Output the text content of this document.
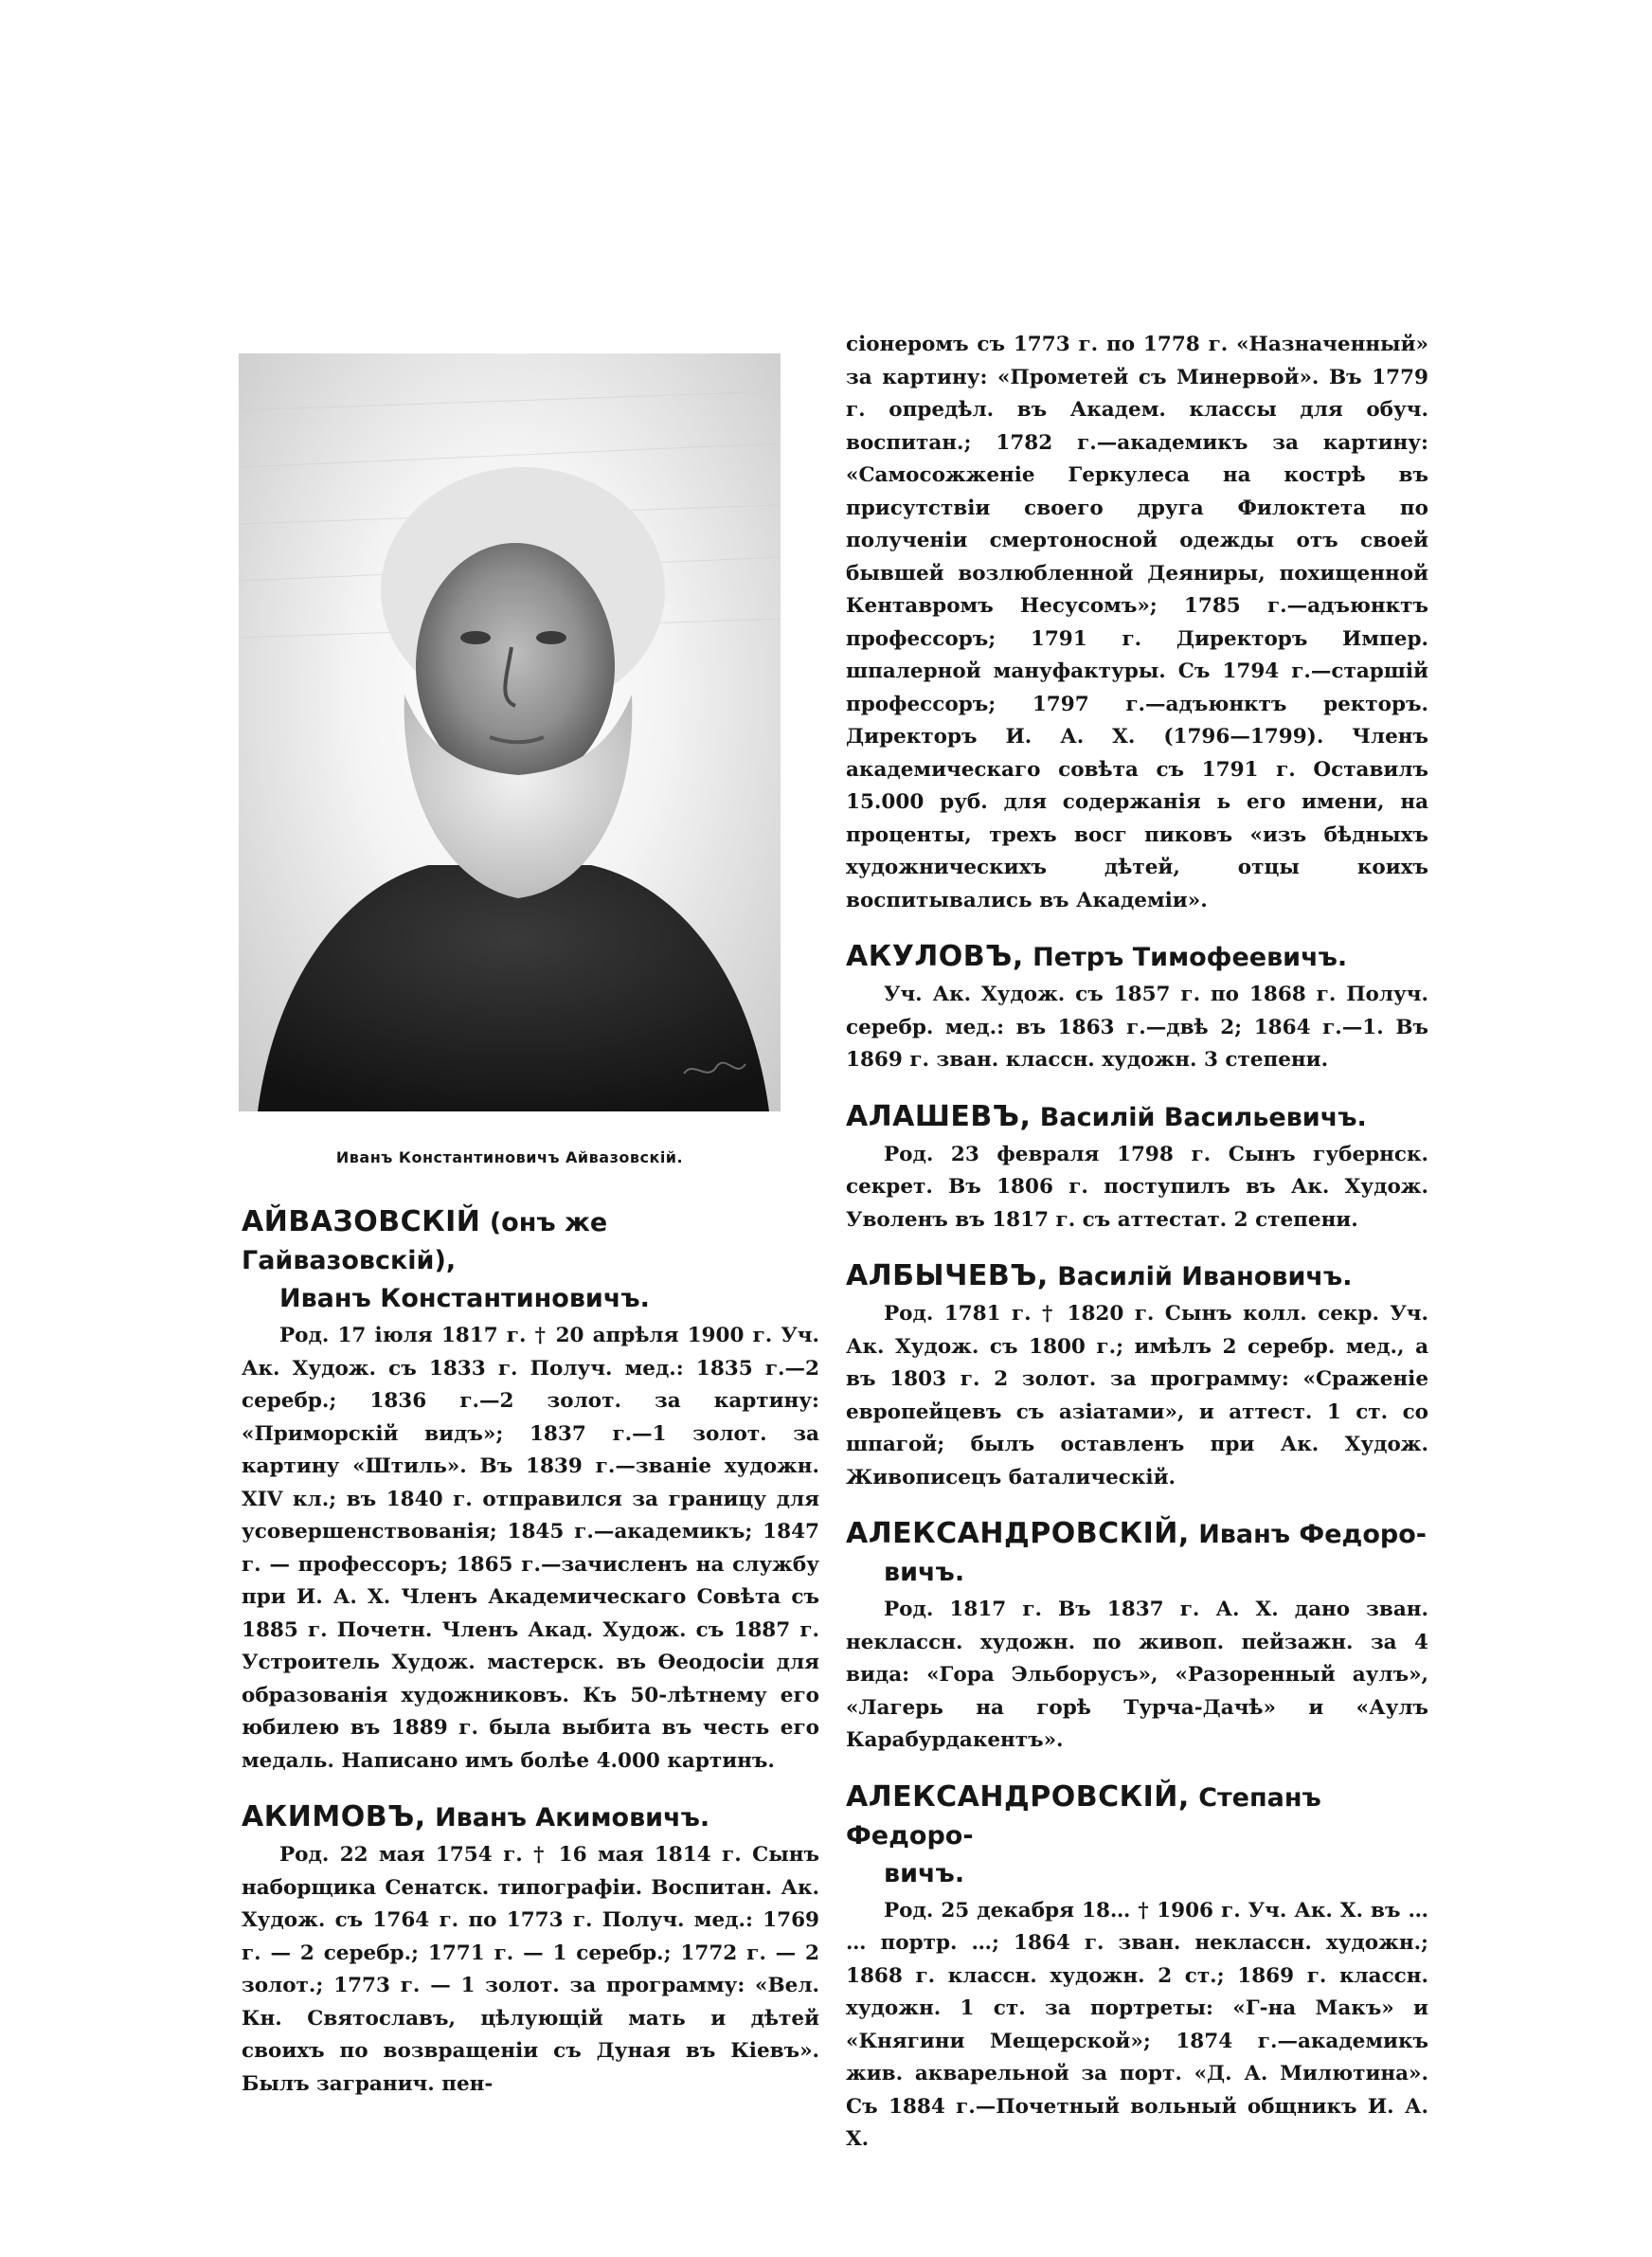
Иванъ Константиновичъ Айвазовскій.

АЙВАЗОВСКІЙ (онъ же Гайвазовскій),
Иванъ Константиновичъ.

Род. 17 іюля 1817 г. † 20 апрѣля 1900 г. Уч. Ак. Худож. съ 1833 г. Получ. мед.: 1835 г.—2 серебр.; 1836 г.—2 золот. за картину: «Приморскій видъ»; 1837 г.—1 золот. за картину «Штиль». Въ 1839 г.—званіе художн. XIV кл.; въ 1840 г. отправился за границу для усовершенствованія; 1845 г.—академикъ; 1847 г. — профессоръ; 1865 г.—зачисленъ на службу при И. А. Х. Членъ Академическаго Совѣта съ 1885 г. Почетн. Членъ Акад. Худож. съ 1887 г. Устроитель Худож. мастерск. въ Ѳеодосіи для образованія художниковъ. Къ 50-лѣтнему его юбилею въ 1889 г. была выбита въ честь его медаль. Написано имъ болѣе 4.000 картинъ.

АКИМОВЪ, Иванъ Акимовичъ.

Род. 22 мая 1754 г. † 16 мая 1814 г. Сынъ наборщика Сенатск. типографіи. Воспитан. Ак. Худож. съ 1764 г. по 1773 г. Получ. мед.: 1769 г. — 2 серебр.; 1771 г. — 1 серебр.; 1772 г. — 2 золот.; 1773 г. — 1 золот. за программу: «Вел. Кн. Святославъ, цѣлующій мать и дѣтей своихъ по возвращеніи съ Дуная въ Кіевъ». Былъ загранич. пен-

сіонеромъ съ 1773 г. по 1778 г. «Назначенный» за картину: «Прометей съ Минервой». Въ 1779 г. опредѣл. въ Академ. классы для обуч. воспитан.; 1782 г.—академикъ за картину: «Самосожженіе Геркулеса на кострѣ въ присутствіи своего друга Филоктета по полученіи смертоносной одежды отъ своей бывшей возлюбленной Деяниры, похищенной Кентавромъ Несусомъ»; 1785 г.—адъюнктъ профессоръ; 1791 г. Директоръ Импер. шпалерной мануфактуры. Съ 1794 г.—старшій профессоръ; 1797 г.—адъюнктъ ректоръ. Директоръ И. А. Х. (1796—1799). Членъ академическаго совѣта съ 1791 г. Оставилъ 15.000 руб. для содержанія ь его имени, на проценты, трехъ восг пиковъ «изъ бѣдныхъ художническихъ дѣтей, отцы коихъ воспитывались въ Академіи».

АКУЛОВЪ, Петръ Тимофеевичъ.

Уч. Ак. Худож. съ 1857 г. по 1868 г. Получ. серебр. мед.: въ 1863 г.—двѣ 2; 1864 г.—1. Въ 1869 г. зван. классн. художн. 3 степени.

АЛАШЕВЪ, Василій Васильевичъ.

Род. 23 февраля 1798 г. Сынъ губернск. секрет. Въ 1806 г. поступилъ въ Ак. Худож. Уволенъ въ 1817 г. съ аттестат. 2 степени.

АЛБЫЧЕВЪ, Василій Ивановичъ.

Род. 1781 г. † 1820 г. Сынъ колл. секр. Уч. Ак. Худож. съ 1800 г.; имѣлъ 2 серебр. мед., а въ 1803 г. 2 золот. за программу: «Сраженіе европейцевъ съ азіатами», и аттест. 1 ст. со шпагой; былъ оставленъ при Ак. Худож. Живописецъ баталическій.

АЛЕКСАНДРОВСКІЙ, Иванъ Федоро-
вичъ.

Род. 1817 г. Въ 1837 г. А. Х. дано зван. неклассн. художн. по живоп. пейзажн. за 4 вида: «Гора Эльборусъ», «Разоренный аулъ», «Лагерь на горѣ Турча-Дачѣ» и «Аулъ Карабурдакентъ».

АЛЕКСАНДРОВСКІЙ, Степанъ Федоро-
вичъ.

Род. 25 декабря 18… † 1906 г. Уч. Ак. Х. въ … … портр. …; 1864 г. зван. неклассн. художн.; 1868 г. классн. художн. 2 ст.; 1869 г. классн. художн. 1 ст. за портреты: «Г-на Макъ» и «Княгини Мещерской»; 1874 г.—академикъ жив. акварельной за порт. «Д. А. Милютина». Съ 1884 г.—Почетный вольный общникъ И. А. Х.
